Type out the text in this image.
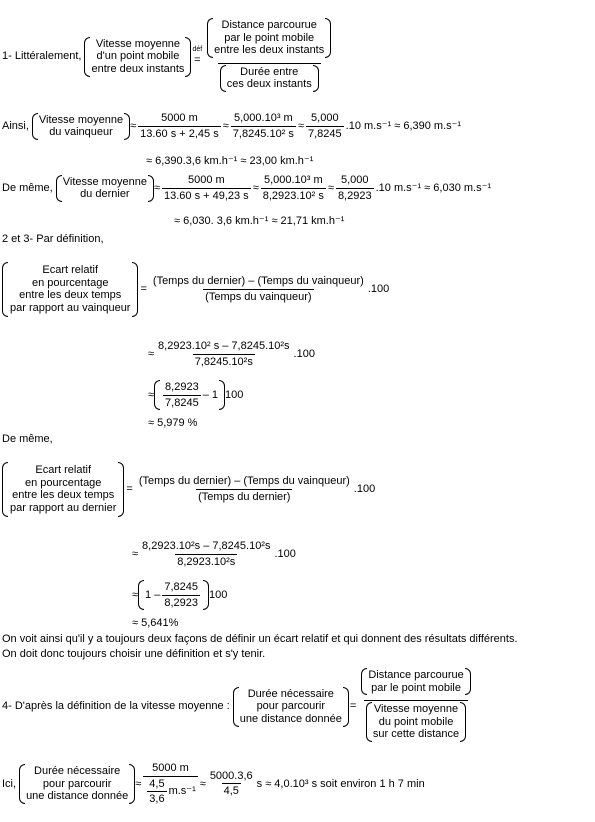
1- Littéralement,
Vitesse moyenne
d'un point mobile
entre deux instants
déf
=
Distance parcourue
par le point mobile
entre les deux instants
Durée entre
ces deux instants
Ainsi,
Vitesse moyenne
du vainqueur
≈ $\frac{5000 m}{13.60 s + 2,45 s} \approx \frac{\text{5,000.10³ m}}{\text{7,8245.10² s}} \approx \frac{5,000}{7,8245} .10$ m.s⁻¹ ≈ 6,390 m.s⁻¹
≈ 6,390.3,6 km.h⁻¹ ≈ 23,00 km.h⁻¹
De même,
Vitesse moyenne
du dernier
≈ $\frac{5000 m}{13.60 s + 49,23 s} \approx \frac{\text{5,000.10³ m}}{\text{8,2923.10² s}} \approx \frac{5,000}{8,2923} .10$ m.s⁻¹ ≈ 6,030 m.s⁻¹
≈ 6,030. 3,6 km.h⁻¹ ≈ 21,71 km.h⁻¹
2 et 3- Par définition,
Ecart relatif
en pourcentage
entre les deux temps
par rapport au vainqueur
= $\frac{\text{(Temps du dernier) – (Temps du vainqueur)}}{\text{(Temps du vainqueur)}} .100$
≈ $\frac{\text{8,2923.10² s – 7,8245.10²s}}{\text{7,8245.10²s}} .100$
≈ $\frac{8,2923}{7,8245} - 1$ 100
≈ 5,979 %
De même,
Ecart relatif
en pourcentage
entre les deux temps
par rapport au dernier
= $\frac{\text{(Temps du dernier) – (Temps du vainqueur)}}{\text{(Temps du dernier)}} .100$
≈ $\frac{\text{8,2923.10²s – 7,8245.10²s}}{\text{8,2923.10²s}} .100$
≈ $1 - \frac{7,8245}{8,2923} 100$
≈ 5,641%
On voit ainsi qu'il y a toujours deux façons de définir un écart relatif et qui donnent des résultats différents.
On doit donc toujours choisir une définition et s'y tenir.
4- D'après la définition de la vitesse moyenne :
Durée nécessaire
pour parcourir
une distance donnée
=
Distance parcourue
par le point mobile
Vitesse moyenne
du point mobile
sur cette distance
Ici,
Durée nécessaire
pour parcourir
une distance donnée
≈ $\frac{5000 m}{\frac{4,5}{3,6} m.s^{-1}} \approx \frac{5000.3,6}{4,5}$ s ≈ 4,0.10³ s soit environ 1 h 7 min
